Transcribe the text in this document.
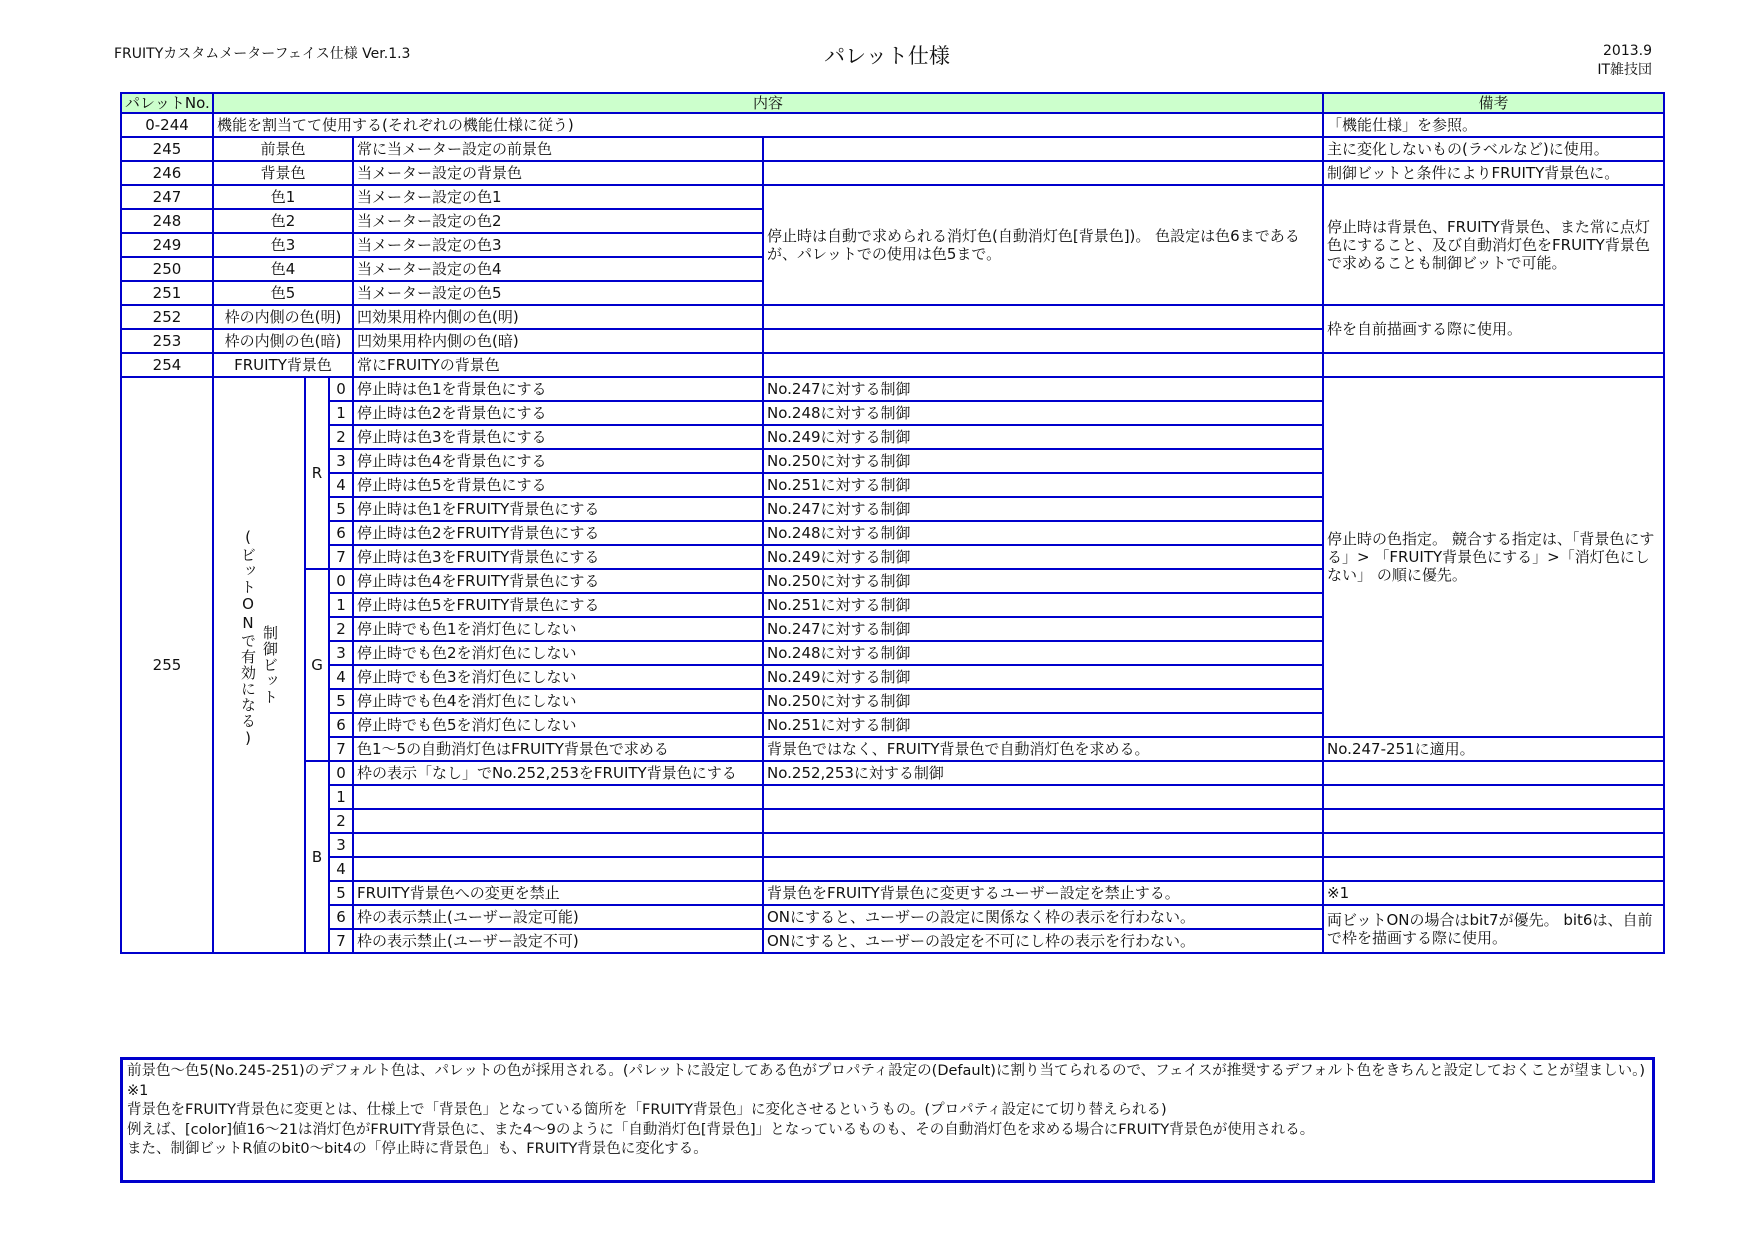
FRUITYカスタムメーターフェイス仕様 Ver.1.3	パレット仕様	2013.9
IT雑技団
パレットNo.	内容					備考
0-244	機能を割当てて使用する(それぞれの機能仕様に従う)					「機能仕様」を参照。
245	前景色			常に当メーター設定の前景色		主に変化しないもの(ラベルなど)に使用。
246	背景色			当メーター設定の背景色		制御ビットと条件によりFRUITY背景色に。
247	色1			当メーター設定の色1	停止時は自動で求められる消灯色(自動消灯色[背景色])。 色設定は色6まであるが、パレットでの使用は色5まで。	停止時は背景色、FRUITY背景色、また常に点灯色にすること、及び自動消灯色をFRUITY背景色で求めることも制御ビットで可能。
248	色2			当メーター設定の色2		
249	色3			当メーター設定の色3		
250	色4			当メーター設定の色4		
251	色5			当メーター設定の色5		
252	枠の内側の色(明)			凹効果用枠内側の色(明)		枠を自前描画する際に使用。
253	枠の内側の色(暗)			凹効果用枠内側の色(暗)		
254	FRUITY背景色			常にFRUITYの背景色		
255	(ビットONで有効になる) 制御ビット	R	0	停止時は色1を背景色にする	No.247に対する制御	停止時の色指定。 競合する指定は、「背景色にする」> 「FRUITY背景色にする」>「消灯色にしない」 の順に優先。
			1	停止時は色2を背景色にする	No.248に対する制御	
			2	停止時は色3を背景色にする	No.249に対する制御	
			3	停止時は色4を背景色にする	No.250に対する制御	
			4	停止時は色5を背景色にする	No.251に対する制御	
			5	停止時は色1をFRUITY背景色にする	No.247に対する制御	
			6	停止時は色2をFRUITY背景色にする	No.248に対する制御	
			7	停止時は色3をFRUITY背景色にする	No.249に対する制御	
		G	0	停止時は色4をFRUITY背景色にする	No.250に対する制御	
			1	停止時は色5をFRUITY背景色にする	No.251に対する制御	
			2	停止時でも色1を消灯色にしない	No.247に対する制御	
			3	停止時でも色2を消灯色にしない	No.248に対する制御	
			4	停止時でも色3を消灯色にしない	No.249に対する制御	
			5	停止時でも色4を消灯色にしない	No.250に対する制御	
			6	停止時でも色5を消灯色にしない	No.251に対する制御	
			7	色1～5の自動消灯色はFRUITY背景色で求める	背景色ではなく、FRUITY背景色で自動消灯色を求める。	No.247-251に適用。
		B	0	枠の表示「なし」でNo.252,253をFRUITY背景色にする	No.252,253に対する制御	
			1			
			2			
			3			
			4			
			5	FRUITY背景色への変更を禁止	背景色をFRUITY背景色に変更するユーザー設定を禁止する。	※1
			6	枠の表示禁止(ユーザー設定可能)	ONにすると、ユーザーの設定に関係なく枠の表示を行わない。	両ビットONの場合はbit7が優先。 bit6は、自前で枠を描画する際に使用。
			7	枠の表示禁止(ユーザー設定不可)	ONにすると、ユーザーの設定を不可にし枠の表示を行わない。	
前景色～色5(No.245-251)のデフォルト色は、パレットの色が採用される。(パレットに設定してある色がプロパティ設定の(Default)に割り当てられるので、フェイスが推奨するデフォルト色をきちんと設定しておくことが望ましい。)
※1
背景色をFRUITY背景色に変更とは、仕様上で「背景色」となっている箇所を「FRUITY背景色」に変化させるというもの。(プロパティ設定にて切り替えられる)
例えば、[color]値16～21は消灯色がFRUITY背景色に、また4～9のように「自動消灯色[背景色]」となっているものも、その自動消灯色を求める場合にFRUITY背景色が使用される。
また、制御ビットR値のbit0～bit4の「停止時に背景色」も、FRUITY背景色に変化する。
